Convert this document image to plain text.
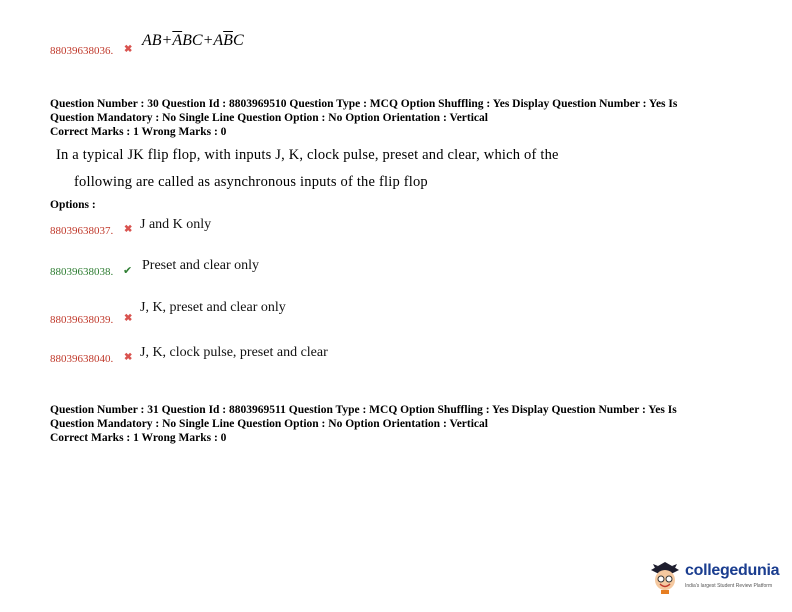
88039638036. ✖
$AB+\overline{A}BC+A\overline{B}C$
Question Number : 30 Question Id : 8803969510 Question Type : MCQ Option Shuffling : Yes Display Question Number : Yes Is
Question Mandatory : No Single Line Question Option : No Option Orientation : Vertical
Correct Marks : 1 Wrong Marks : 0
In a typical JK flip flop, with inputs J, K, clock pulse, preset and clear, which of the
following are called as asynchronous inputs of the flip flop
Options :
88039638037. ✖ J and K only
88039638038. ✔ Preset and clear only
88039638039. ✖
J, K, preset and clear only
88039638040. ✖ J, K, clock pulse, preset and clear
Question Number : 31 Question Id : 8803969511 Question Type : MCQ Option Shuffling : Yes Display Question Number : Yes Is
Question Mandatory : No Single Line Question Option : No Option Orientation : Vertical
Correct Marks : 1 Wrong Marks : 0
collegedunia
India's largest Student Review Platform
